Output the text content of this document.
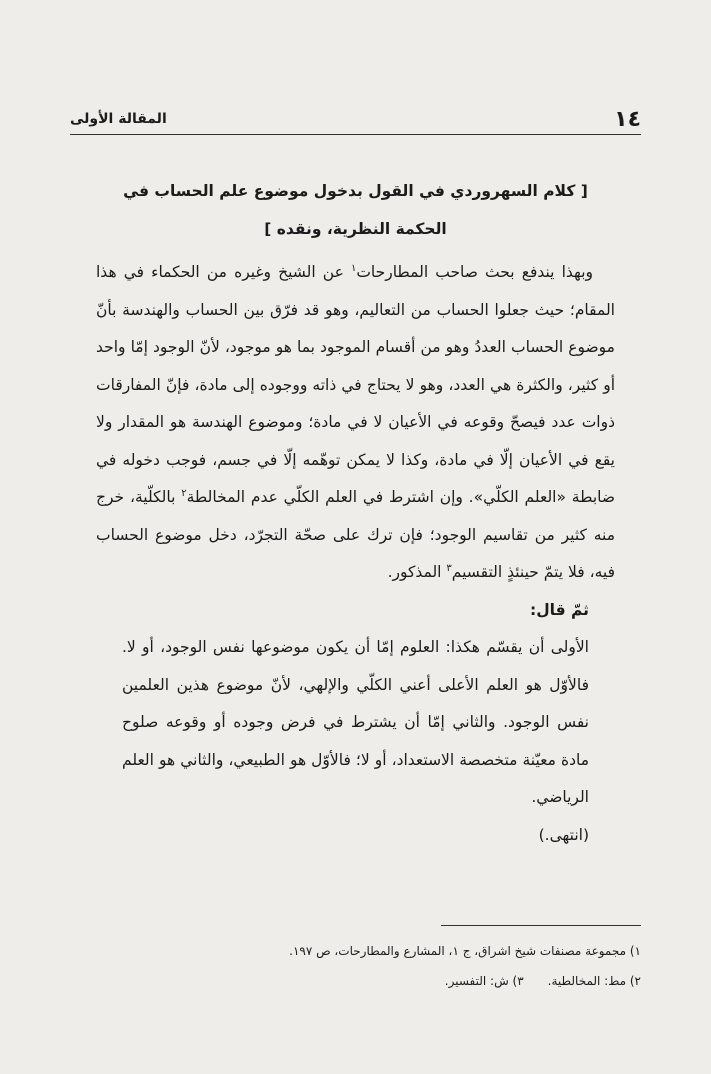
١٤
المقالة الأولى
[ كلام السهروردي في القول بدخول موضوع علم الحساب في
الحكمة النظرية، ونقده ]

وبهذا يندفع بحث صاحب المطارحات$^١$ عن الشيخ وغيره من الحكماء في هذا المقام؛ حيث جعلوا الحساب من التعاليم، وهو قد فرّق بين الحساب والهندسة بأنّ موضوع الحساب العددُ وهو من أقسام الموجود بما هو موجود، لأنّ الوجود إمّا واحد أو كثير، والكثرة هي العدد، وهو لا يحتاج في ذاته ووجوده إلى مادة، فإنّ المفارقات ذوات عدد فيصحّ وقوعه في الأعيان لا في مادة؛ وموضوع الهندسة هو المقدار ولا يقع في الأعيان إلّا في مادة، وكذا لا يمكن توهّمه إلّا في جسم، فوجب دخوله في ضابطة «العلم الكلّي». وإن اشترط في العلم الكلّي عدم المخالطة$^٢$ بالكلّية، خرج منه كثير من تقاسيم الوجود؛ فإن ترك على صحّة التجرّد، دخل موضوع الحساب فيه، فلا يتمّ حينئذٍ التقسيم$^٣$ المذكور.

ثمّ قال:

الأولى أن يقسّم هكذا: العلوم إمّا أن يكون موضوعها نفس الوجود، أو لا. فالأوّل هو العلم الأعلى أعني الكلّي والإلهي، لأنّ موضوع هذين العلمين نفس الوجود. والثاني إمّا أن يشترط في فرض وجوده أو وقوعه صلوح مادة معيّنة متخصصة الاستعداد، أو لا؛ فالأوّل هو الطبيعي، والثاني هو العلم الرياضي.

(انتهى.)

١) مجموعة مصنفات شيخ اشراق، ج ١، المشارع والمطارحات، ص ١٩٧.
٢) مط: المخالطية.
٣) ش: التفسير.
